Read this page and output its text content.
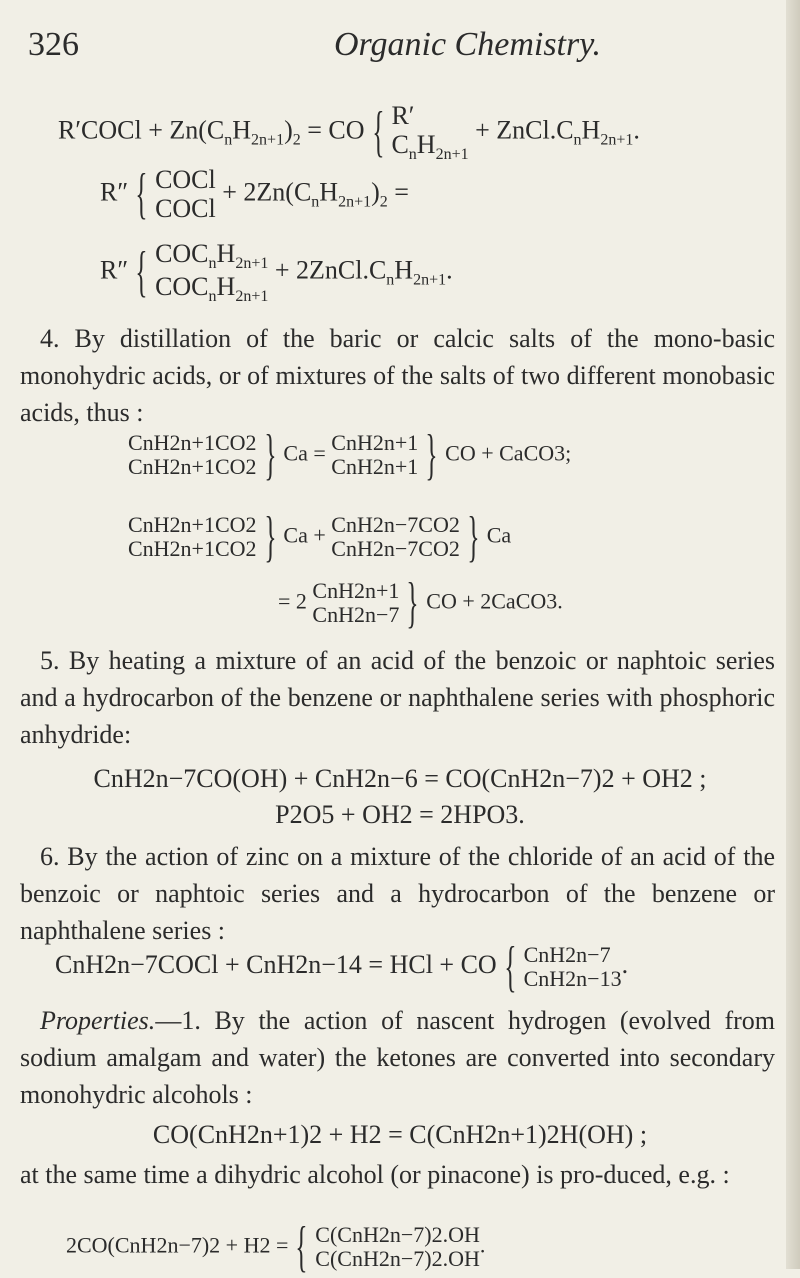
326	Organic Chemistry.
R′COCl + $Zn(C_nH_{2n+1})_2$ = CO { R′
$C_nH_{2n+1}$
+ $ZnCl.C_nH_{2n+1}$.
R″ { COCl
COCl
+ $2Zn(C_nH_{2n+1})_2$ =
R″ { $COC_nH_{2n+1}$
$COC_nH_{2n+1}$
+ $2ZnCl.C_nH_{2n+1}$.
4. By distillation of the baric or calcic salts of the mono-basic monohydric acids, or of mixtures of the salts of two different monobasic acids, thus :
CnH2n+1CO2
CnH2n+1CO2 } Ca = CnH2n+1
CnH2n+1 } CO + CaCO3;
CnH2n+1CO2
CnH2n+1CO2 } Ca + CnH2n−7CO2
CnH2n−7CO2 } Ca
= 2 CnH2n+1
CnH2n−7 } CO + 2CaCO3.
5. By heating a mixture of an acid of the benzoic or naphtoic series and a hydrocarbon of the benzene or naphthalene series with phosphoric anhydride:
CnH2n−7CO(OH) + CnH2n−6 = CO(CnH2n−7)2 + OH2 ;
P2O5 + OH2 = 2HPO3.
6. By the action of zinc on a mixture of the chloride of an acid of the benzoic or naphtoic series and a hydrocarbon of the benzene or naphthalene series :
CnH2n−7COCl + CnH2n−14 = HCl + CO { CnH2n−7
CnH2n−13 .
Properties.—1. By the action of nascent hydrogen (evolved from sodium amalgam and water) the ketones are converted into secondary monohydric alcohols :
CO(CnH2n+1)2 + H2 = C(CnH2n+1)2H(OH) ;
at the same time a dihydric alcohol (or pinacone) is pro-duced, e.g. :
2CO(CnH2n−7)2 + H2 = { C(CnH2n−7)2.OH
C(CnH2n−7)2.OH
.
